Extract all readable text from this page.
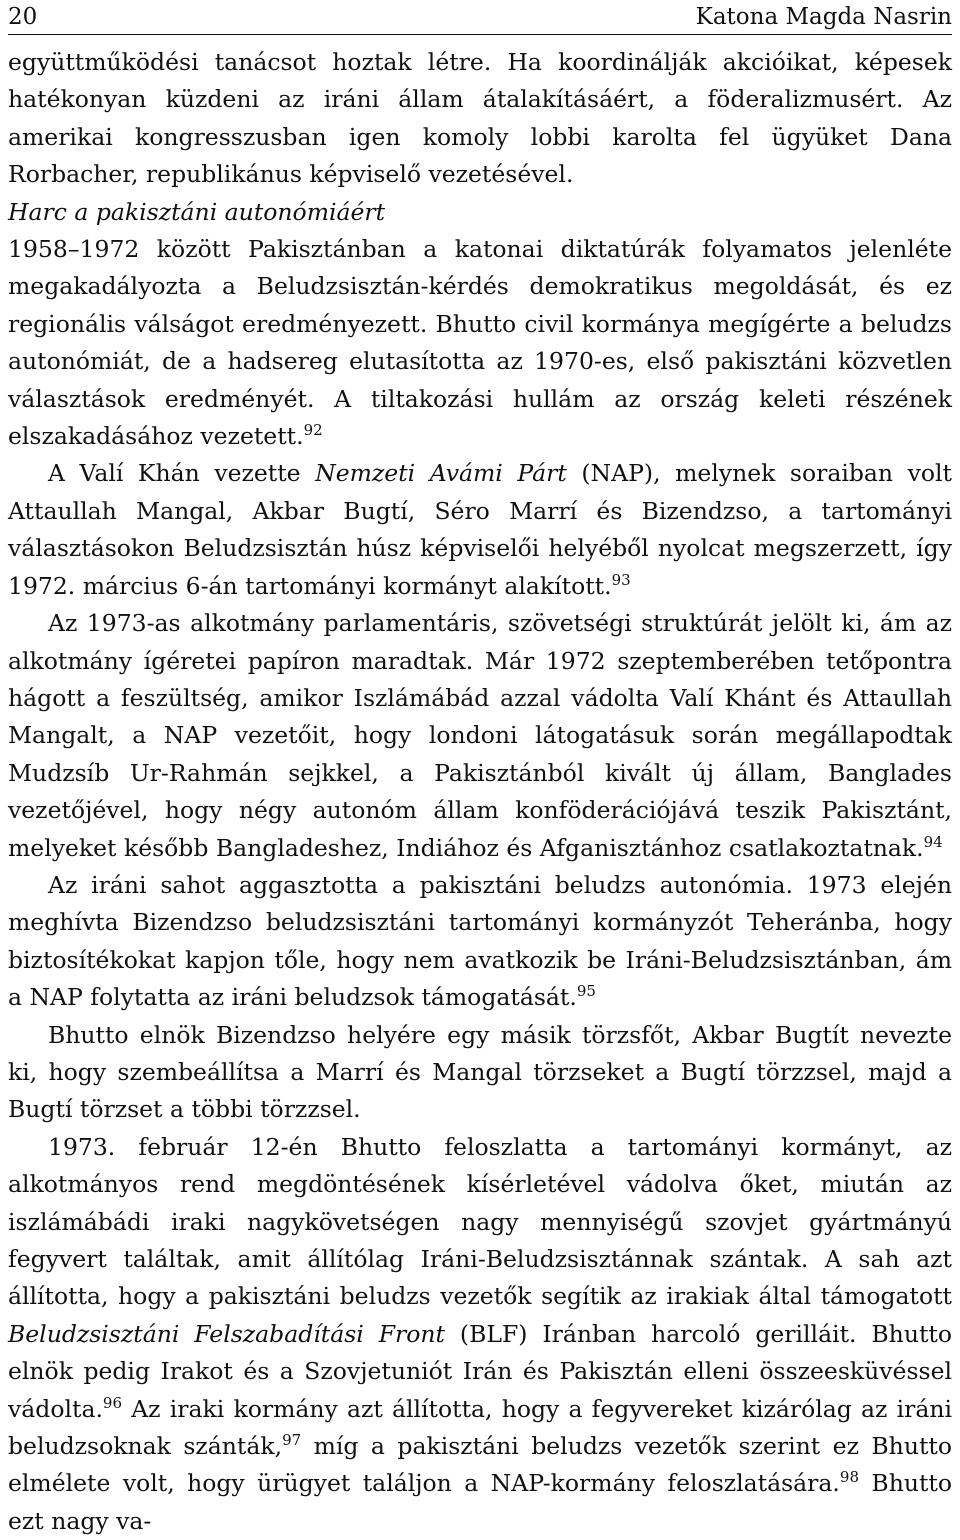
20	Katona Magda Nasrin

együttműködési tanácsot hoztak létre. Ha koordinálják akcióikat, képesek hatékonyan küzdeni az iráni állam átalakításáért, a föderalizmusért. Az amerikai kongresszusban igen komoly lobbi karolta fel ügyüket Dana Rorbacher, republikánus képviselő vezetésével.

Harc a pakisztáni autonómiáért

1958–1972 között Pakisztánban a katonai diktatúrák folyamatos jelenléte megakadályozta a Beludzsisztán-kérdés demokratikus megoldását, és ez regionális válságot eredményezett. Bhutto civil kormánya megígérte a beludzs autonómiát, de a hadsereg elutasította az 1970-es, első pakisztáni közvetlen választások eredményét. A tiltakozási hullám az ország keleti részének elszakadásához vezetett.$^{92}$

A Valí Khán vezette Nemzeti Avámi Párt (NAP), melynek soraiban volt Attaullah Mangal, Akbar Bugtí, Séro Marrí és Bizendzso, a tartományi választásokon Beludzsisztán húsz képviselői helyéből nyolcat megszerzett, így 1972. március 6-án tartományi kormányt alakított.$^{93}$

Az 1973-as alkotmány parlamentáris, szövetségi struktúrát jelölt ki, ám az alkotmány ígéretei papíron maradtak. Már 1972 szeptemberében tetőpontra hágott a feszültség, amikor Iszlámábád azzal vádolta Valí Khánt és Attaullah Mangalt, a NAP vezetőit, hogy londoni látogatásuk során megállapodtak Mudzsíb Ur-Rahmán sejkkel, a Pakisztánból kivált új állam, Banglades vezetőjével, hogy négy autonóm állam konföderációjává teszik Pakisztánt, melyeket később Bangladeshez, Indiához és Afganisztánhoz csatlakoztatnak.$^{94}$

Az iráni sahot aggasztotta a pakisztáni beludzs autonómia. 1973 elején meghívta Bizendzso beludzsisztáni tartományi kormányzót Teheránba, hogy biztosítékokat kapjon tőle, hogy nem avatkozik be Iráni-Beludzsisztánban, ám a NAP folytatta az iráni beludzsok támogatását.$^{95}$

Bhutto elnök Bizendzso helyére egy másik törzsfőt, Akbar Bugtít nevezte ki, hogy szembeállítsa a Marrí és Mangal törzseket a Bugtí törzzsel, majd a Bugtí törzset a többi törzzsel.

1973. február 12-én Bhutto feloszlatta a tartományi kormányt, az alkotmányos rend megdöntésének kísérletével vádolva őket, miután az iszlámábádi iraki nagykövetségen nagy mennyiségű szovjet gyártmányú fegyvert találtak, amit állítólag Iráni-Beludzsisztánnak szántak. A sah azt állította, hogy a pakisztáni beludzs vezetők segítik az irakiak által támogatott Beludzsisztáni Felszabadítási Front (BLF) Iránban harcoló gerilláit. Bhutto elnök pedig Irakot és a Szovjetuniót Irán és Pakisztán elleni összeesküvéssel vádolta.$^{96}$ Az iraki kormány azt állította, hogy a fegyvereket kizárólag az iráni beludzsoknak szánták,$^{97}$ míg a pakisztáni beludzs vezetők szerint ez Bhutto elmélete volt, hogy ürügyet találjon a NAP-kormány feloszlatására.$^{98}$ Bhutto ezt nagy va-
